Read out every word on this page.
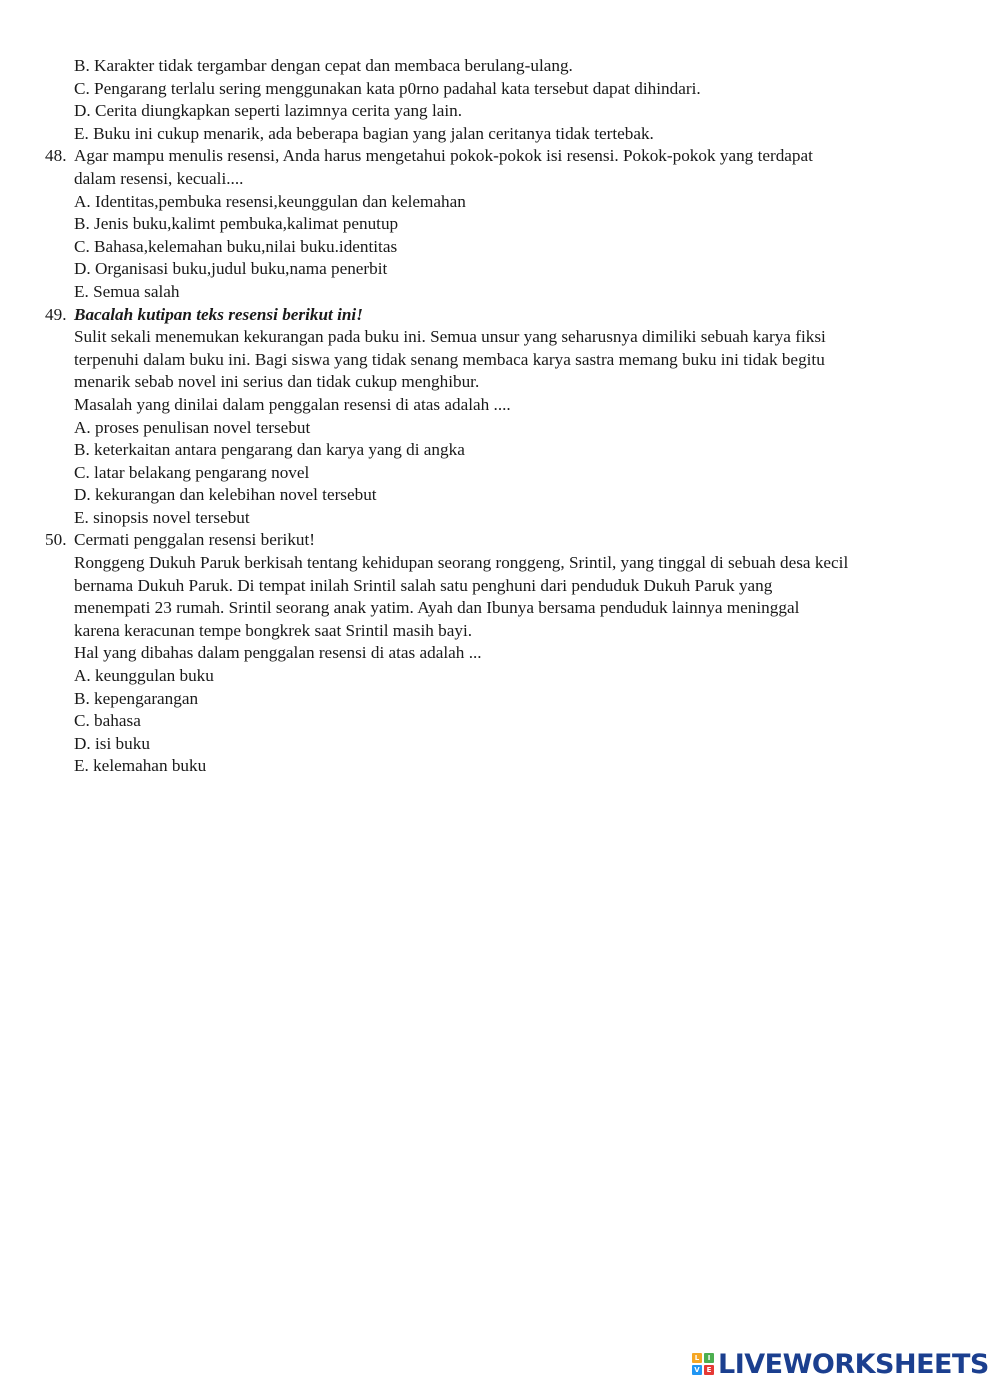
B. Karakter tidak tergambar dengan cepat dan membaca berulang-ulang.
C. Pengarang terlalu sering menggunakan kata p0rno padahal kata tersebut dapat dihindari.
D. Cerita diungkapkan seperti lazimnya cerita yang lain.
E. Buku ini cukup menarik, ada beberapa bagian yang jalan ceritanya tidak tertebak.
48. Agar mampu menulis resensi, Anda harus mengetahui pokok-pokok isi resensi. Pokok-pokok yang terdapat
dalam resensi, kecuali....
A. Identitas,pembuka resensi,keunggulan dan kelemahan
B. Jenis buku,kalimt pembuka,kalimat penutup
C. Bahasa,kelemahan buku,nilai buku.identitas
D. Organisasi buku,judul buku,nama penerbit
E. Semua salah
49. Bacalah kutipan teks resensi berikut ini!
Sulit sekali menemukan kekurangan pada buku ini. Semua unsur yang seharusnya dimiliki sebuah karya fiksi
terpenuhi dalam buku ini. Bagi siswa yang tidak senang membaca karya sastra memang buku ini tidak begitu
menarik sebab novel ini serius dan tidak cukup menghibur.
Masalah yang dinilai dalam penggalan resensi di atas adalah ....
A. proses penulisan novel tersebut
B. keterkaitan antara pengarang dan karya yang di angka
C. latar belakang pengarang novel
D. kekurangan dan kelebihan novel tersebut
E. sinopsis novel tersebut
50. Cermati penggalan resensi berikut!
Ronggeng Dukuh Paruk berkisah tentang kehidupan seorang ronggeng, Srintil, yang tinggal di sebuah desa kecil
bernama Dukuh Paruk. Di tempat inilah Srintil salah satu penghuni dari penduduk Dukuh Paruk yang
menempati 23 rumah. Srintil seorang anak yatim. Ayah dan Ibunya bersama penduduk lainnya meninggal
karena keracunan tempe bongkrek saat Srintil masih bayi.
Hal yang dibahas dalam penggalan resensi di atas adalah ...
A. keunggulan buku
B. kepengarangan
C. bahasa
D. isi buku
E. kelemahan buku
L	I
V E LIVEWORKSHEETS
